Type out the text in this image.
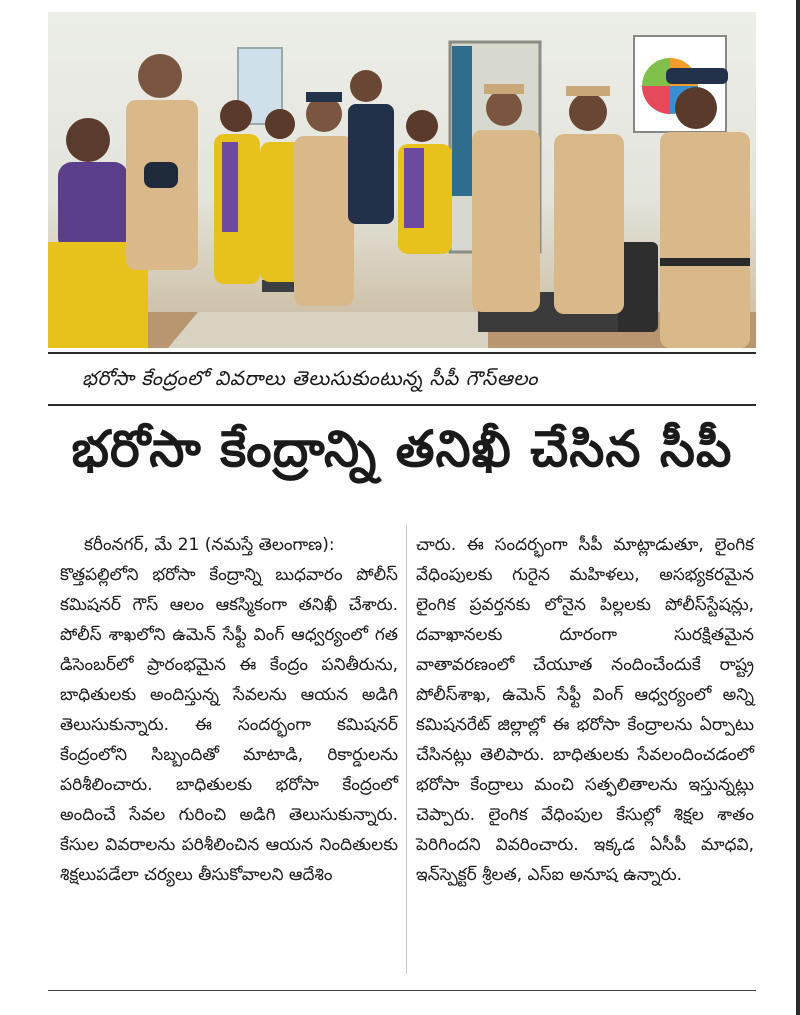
భరోసా కేంద్రంలో వివరాలు తెలుసుకుంటున్న సీపీ గౌస్‌ఆలం
భరోసా కేంద్రాన్ని తనిఖీ చేసిన సీపీ

కరీంనగర్, మే 21 (నమస్తే తెలంగాణ):

కొత్తపల్లిలోని భరోసా కేంద్రాన్ని బుధవారం పోలీస్ కమిషనర్ గౌస్ ఆలం ఆకస్మికంగా తనిఖీ చేశారు. పోలీస్ శాఖలోని ఉమెన్ సేఫ్టీ వింగ్ ఆధ్వర్యంలో గత డిసెంబర్‌లో ప్రారంభమైన ఈ కేంద్రం పనితీరును, బాధితులకు అందిస్తున్న సేవలను ఆయన అడిగి తెలుసుకున్నారు. ఈ సందర్భంగా కమిషనర్ కేంద్రంలోని సిబ్బందితో మాటాడి, రికార్డులను పరిశీలించారు. బాధితులకు భరోసా కేంద్రంలో అందించే సేవల గురించి అడిగి తెలుసుకున్నారు. కేసుల వివరాలను పరిశీలించిన ఆయన నిందితులకు శిక్షలుపడేలా చర్యలు తీసుకోవాలని ఆదేశిం

చారు. ఈ సందర్భంగా సీపీ మాట్లాడుతూ, లైంగిక వేధింపులకు గురైన మహిళలు, అసభ్యకరమైన లైంగిక ప్రవర్తనకు లోనైన పిల్లలకు పోలీస్‌స్టేషన్లు, దవాఖానలకు దూరంగా సురక్షితమైన వాతావరణంలో చేయూత నందించేందుకే రాష్ట్ర పోలీస్‌శాఖ, ఉమెన్ సేఫ్టీ వింగ్ ఆధ్వర్యంలో అన్ని కమిషనరేట్ జిల్లాల్లో ఈ భరోసా కేంద్రాలను ఏర్పాటు చేసినట్లు తెలిపారు. బాధితులకు సేవలందించడంలో భరోసా కేంద్రాలు మంచి సత్ఫలితాలను ఇస్తున్నట్లు చెప్పారు. లైంగిక వేధింపుల కేసుల్లో శిక్షల శాతం పెరిగిందని వివరించారు. ఇక్కడ ఏసీపీ మాధవి, ఇన్‌స్పెక్టర్ శ్రీలత, ఎస్‌ఐ అనూష ఉన్నారు.
